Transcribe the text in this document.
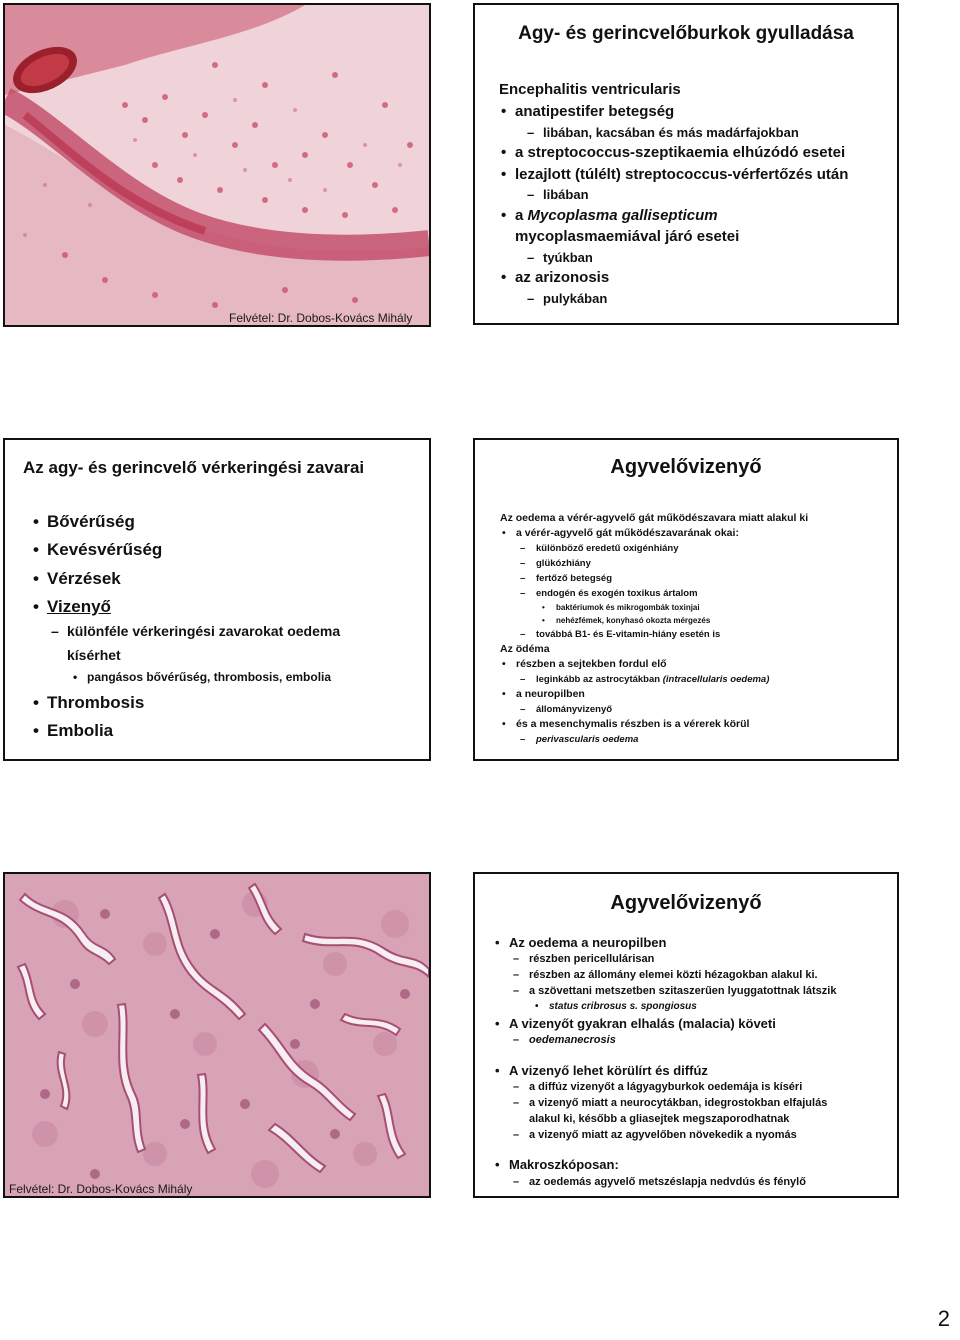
Felvétel: Dr. Dobos-Kovács Mihály
Agy- és gerincvelőburkok gyulladása
Encephalitis ventricularis
• anatipestifer betegség
– libában, kacsában és más madárfajokban
• a streptococcus-szeptikaemia elhúzódó esetei
• lezajlott (túlélt) streptococcus-vérfertőzés után
– libában
• a Mycoplasma gallisepticum
mycoplasmaemiával járó esetei
– tyúkban
• az arizonosis
– pulykában
Az agy- és gerincvelő vérkeringési zavarai
• Bővérűség
• Kevésvérűség
• Vérzések
• Vizenyő
– különféle vérkeringési zavarokat oedema
kísérhet
• pangásos bővérűség, thrombosis, embolia
• Thrombosis
• Embolia
Agyvelővizenyő
Az oedema a vérér-agyvelő gát működészavara miatt alakul ki
• a vérér-agyvelő gát működészavarának okai:
– különböző eredetű oxigénhiány
– glükózhiány
– fertőző betegség
– endogén és exogén toxikus ártalom
• baktériumok és mikrogombák toxinjai
• nehézfémek, konyhasó okozta mérgezés
– továbbá B1- és E-vitamin-hiány esetén is
Az ödéma
• részben a sejtekben fordul elő
– leginkább az astrocytákban (intracellularis oedema)
• a neuropilben
– állományvizenyő
• és a mesenchymalis részben is a vérerek körül
– perivascularis oedema
Felvétel: Dr. Dobos-Kovács Mihály
Agyvelővizenyő
• Az oedema a neuropilben
– részben pericellulárisan
– részben az állomány elemei közti hézagokban alakul ki.
– a szövettani metszetben szitaszerűen lyuggatottnak látszik
• status cribrosus s. spongiosus
• A vizenyőt gyakran elhalás (malacia) követi
– oedemanecrosis
• A vizenyő lehet körülírt és diffúz
– a diffúz vizenyőt a lágyagyburkok oedemája is kíséri
– a vizenyő miatt a neurocytákban, idegrostokban elfajulás
alakul ki, később a gliasejtek megszaporodhatnak
– a vizenyő miatt az agyvelőben növekedik a nyomás
• Makroszkóposan:
– az oedemás agyvelő metszéslapja nedvdús és fénylő
2
